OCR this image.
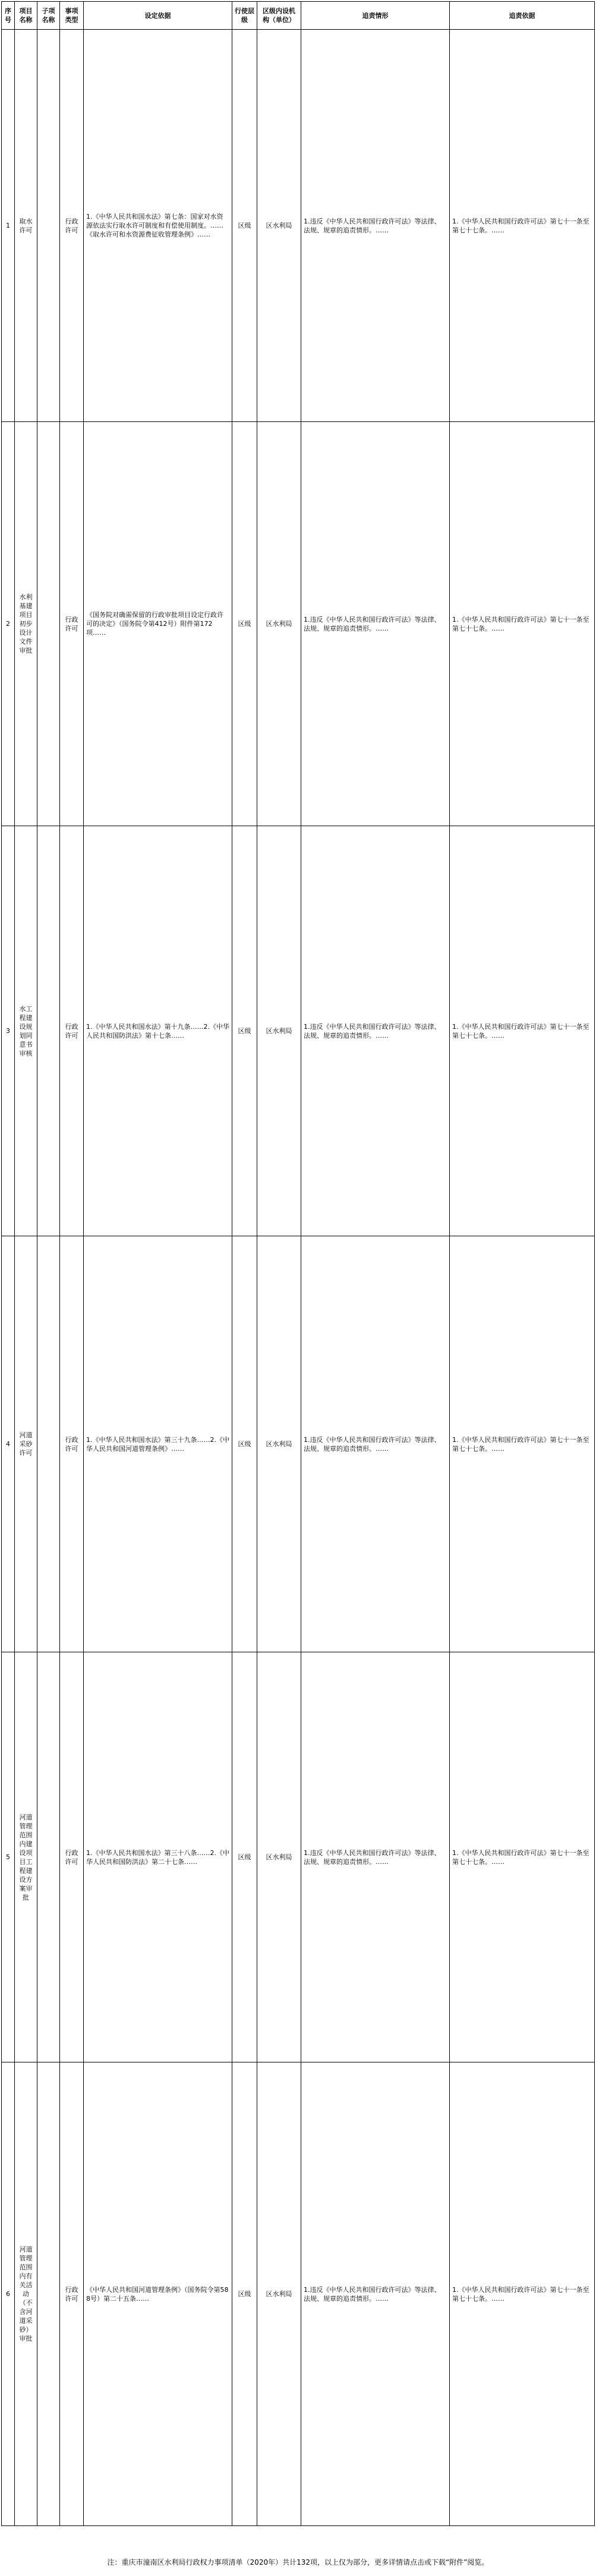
序号	项目名称	子项名称	事项类型	设定依据	行使层级	区级内设机构（单位）	追责情形	追责依据
1	取水许可		行政许可	1.《中华人民共和国水法》第七条：国家对水资源依法实行取水许可制度和有偿使用制度。……《取水许可和水资源费征收管理条例》……	区级	区水利局	1.违反《中华人民共和国行政许可法》等法律、法规、规章的追责情形。……	1.《中华人民共和国行政许可法》第七十一条至第七十七条。……
2	水利基建项目初步设计文件审批		行政许可	《国务院对确需保留的行政审批项目设定行政许可的决定》（国务院令第412号）附件第172项……	区级	区水利局	1.违反《中华人民共和国行政许可法》等法律、法规、规章的追责情形。……	1.《中华人民共和国行政许可法》第七十一条至第七十七条。……
3	水工程建设规划同意书审核		行政许可	1.《中华人民共和国水法》第十九条……2.《中华人民共和国防洪法》第十七条……	区级	区水利局	1.违反《中华人民共和国行政许可法》等法律、法规、规章的追责情形。……	1.《中华人民共和国行政许可法》第七十一条至第七十七条。……
4	河道采砂许可		行政许可	1.《中华人民共和国水法》第三十九条……2.《中华人民共和国河道管理条例》……	区级	区水利局	1.违反《中华人民共和国行政许可法》等法律、法规、规章的追责情形。……	1.《中华人民共和国行政许可法》第七十一条至第七十七条。……
5	河道管理范围内建设项目工程建设方案审批		行政许可	1.《中华人民共和国水法》第三十八条……2.《中华人民共和国防洪法》第二十七条……	区级	区水利局	1.违反《中华人民共和国行政许可法》等法律、法规、规章的追责情形。……	1.《中华人民共和国行政许可法》第七十一条至第七十七条。……
6	河道管理范围内有关活动（不含河道采砂）审批		行政许可	《中华人民共和国河道管理条例》（国务院令第588号）第二十五条……	区级	区水利局	1.违反《中华人民共和国行政许可法》等法律、法规、规章的追责情形。……	1.《中华人民共和国行政许可法》第七十一条至第七十七条。……
注：重庆市潼南区水利局行政权力事项清单（2020年）共计132项，以上仅为部分，更多详情请点击或下载“附件”阅览。
